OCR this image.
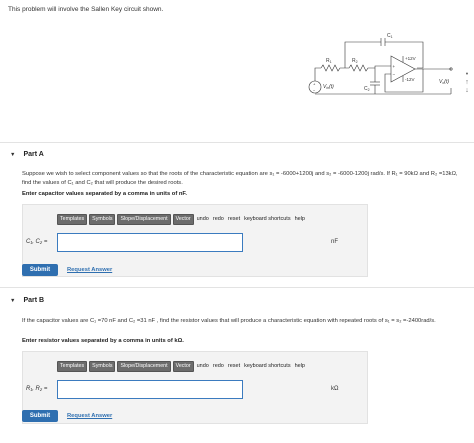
This problem will involve the Sallen Key circuit shown.
$C_1$
$R_1$	$R_2$
$C_2$
+12V
-12V
+
−
+
− $V_{in}(t)$
$V_o(t)$
•
↑
↓
▼ Part A
Suppose we wish to select component values so that the roots of the characteristic equation are s₁ = -6000+1200j and s₂ = -6000-1200j rad/s. If R₁ = 90kΩ and R₂ =13kΩ, find the values of C₁ and C₂ that will produce the desired roots.
Enter capacitor values separated by a comma in units of nF.
Templates	Symbols	Slope/Displacement	Vector	undo redo reset keyboard shortcuts help
C₁, C₂ =	nF
Submit	Request Answer
▼ Part B
If the capacitor values are C₁ =70 nF and C₂ =31 nF , find the resistor values that will produce a characteristic equation with repeated roots of s₁ = s₂ =-2400rad/s.
Enter resistor values separated by a comma in units of kΩ.
Templates	Symbols	Slope/Displacement	Vector	undo redo reset keyboard shortcuts help
R₁, R₂ =	kΩ
Submit	Request Answer
